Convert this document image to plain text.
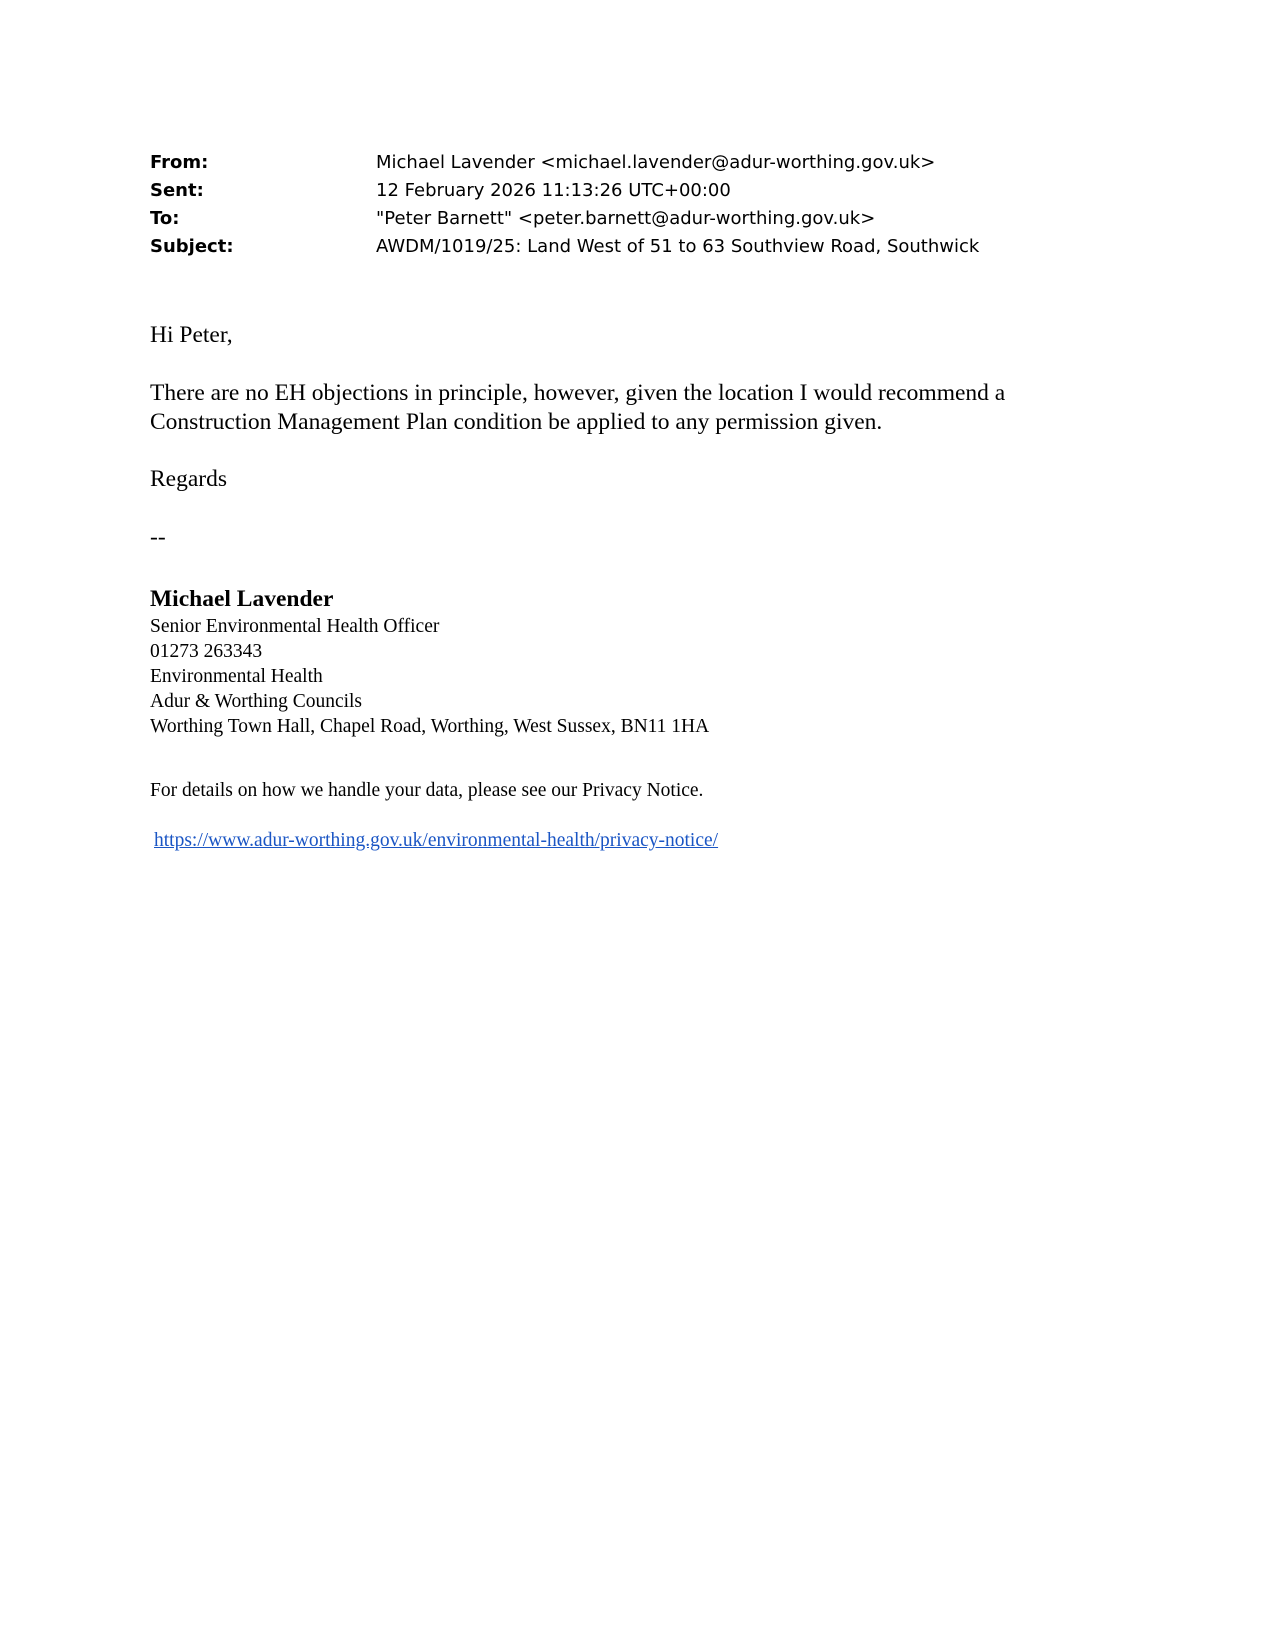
From:	Michael Lavender <michael.lavender@adur-worthing.gov.uk>
Sent:	12 February 2026 11:13:26 UTC+00:00
To:	"Peter Barnett" <peter.barnett@adur-worthing.gov.uk>
Subject:	AWDM/1019/25: Land West of 51 to 63 Southview Road, Southwick
Hi Peter,
There are no EH objections in principle, however, given the location I would recommend a Construction Management Plan condition be applied to any permission given.
Regards
--
Michael Lavender
Senior Environmental Health Officer
01273 263343
Environmental Health
Adur & Worthing Councils
Worthing Town Hall, Chapel Road, Worthing, West Sussex, BN11 1HA
For details on how we handle your data, please see our Privacy Notice.
https://www.adur-worthing.gov.uk/environmental-health/privacy-notice/
